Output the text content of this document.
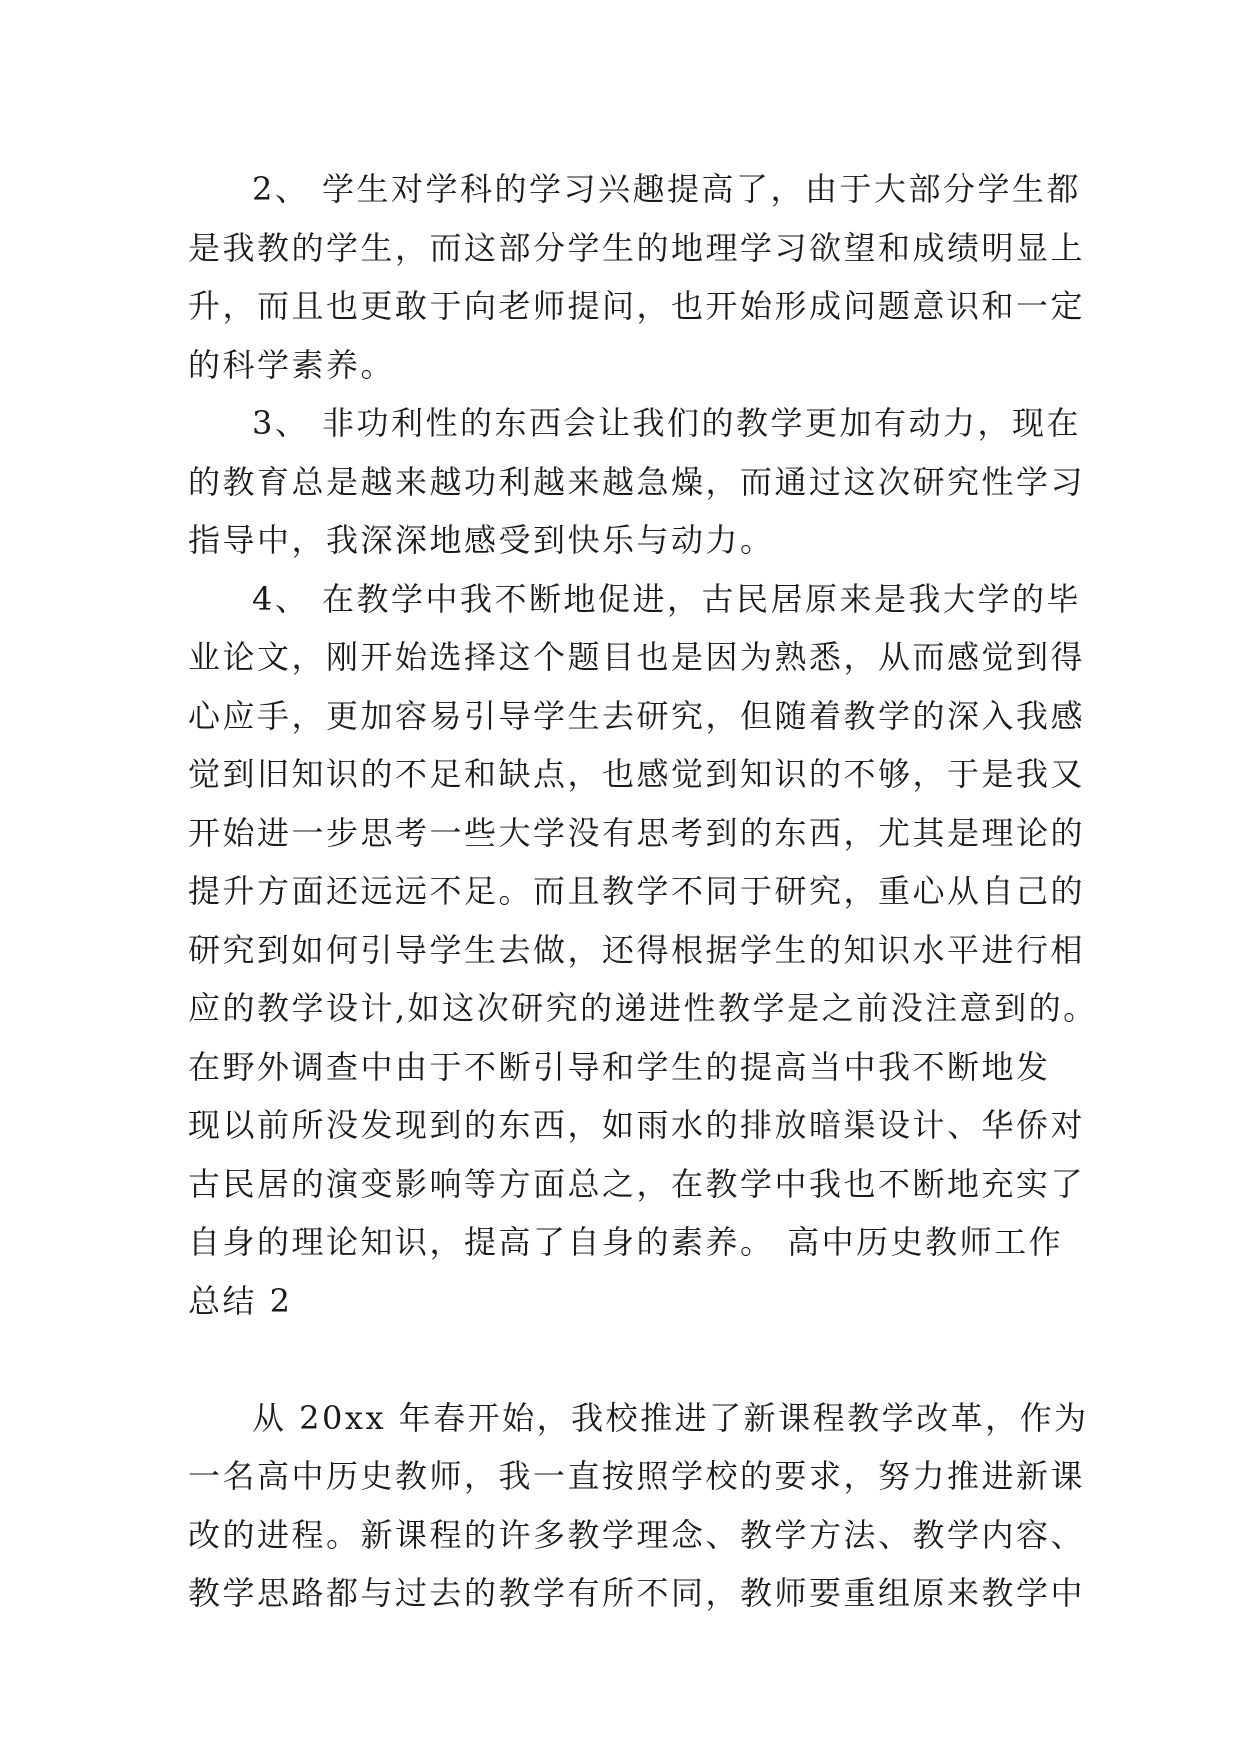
2、 学生对学科的学习兴趣提高了，由于大部分学生都
是我教的学生，而这部分学生的地理学习欲望和成绩明显上
升，而且也更敢于向老师提问，也开始形成问题意识和一定
的科学素养。
3、 非功利性的东西会让我们的教学更加有动力，现在
的教育总是越来越功利越来越急燥，而通过这次研究性学习
指导中，我深深地感受到快乐与动力。
4、 在教学中我不断地促进，古民居原来是我大学的毕
业论文，刚开始选择这个题目也是因为熟悉，从而感觉到得
心应手，更加容易引导学生去研究，但随着教学的深入我感
觉到旧知识的不足和缺点，也感觉到知识的不够，于是我又
开始进一步思考一些大学没有思考到的东西，尤其是理论的
提升方面还远远不足。而且教学不同于研究，重心从自己的
研究到如何引导学生去做，还得根据学生的知识水平进行相
应的教学设计,如这次研究的递进性教学是之前没注意到的。
在野外调查中由于不断引导和学生的提高当中我不断地发
现以前所没发现到的东西，如雨水的排放暗渠设计、华侨对
古民居的演变影响等方面总之，在教学中我也不断地充实了
自身的理论知识，提高了自身的素养。 高中历史教师工作
总结 2
从 20xx 年春开始，我校推进了新课程教学改革，作为
一名高中历史教师，我一直按照学校的要求，努力推进新课
改的进程。新课程的许多教学理念、教学方法、教学内容、
教学思路都与过去的教学有所不同，教师要重组原来教学中
